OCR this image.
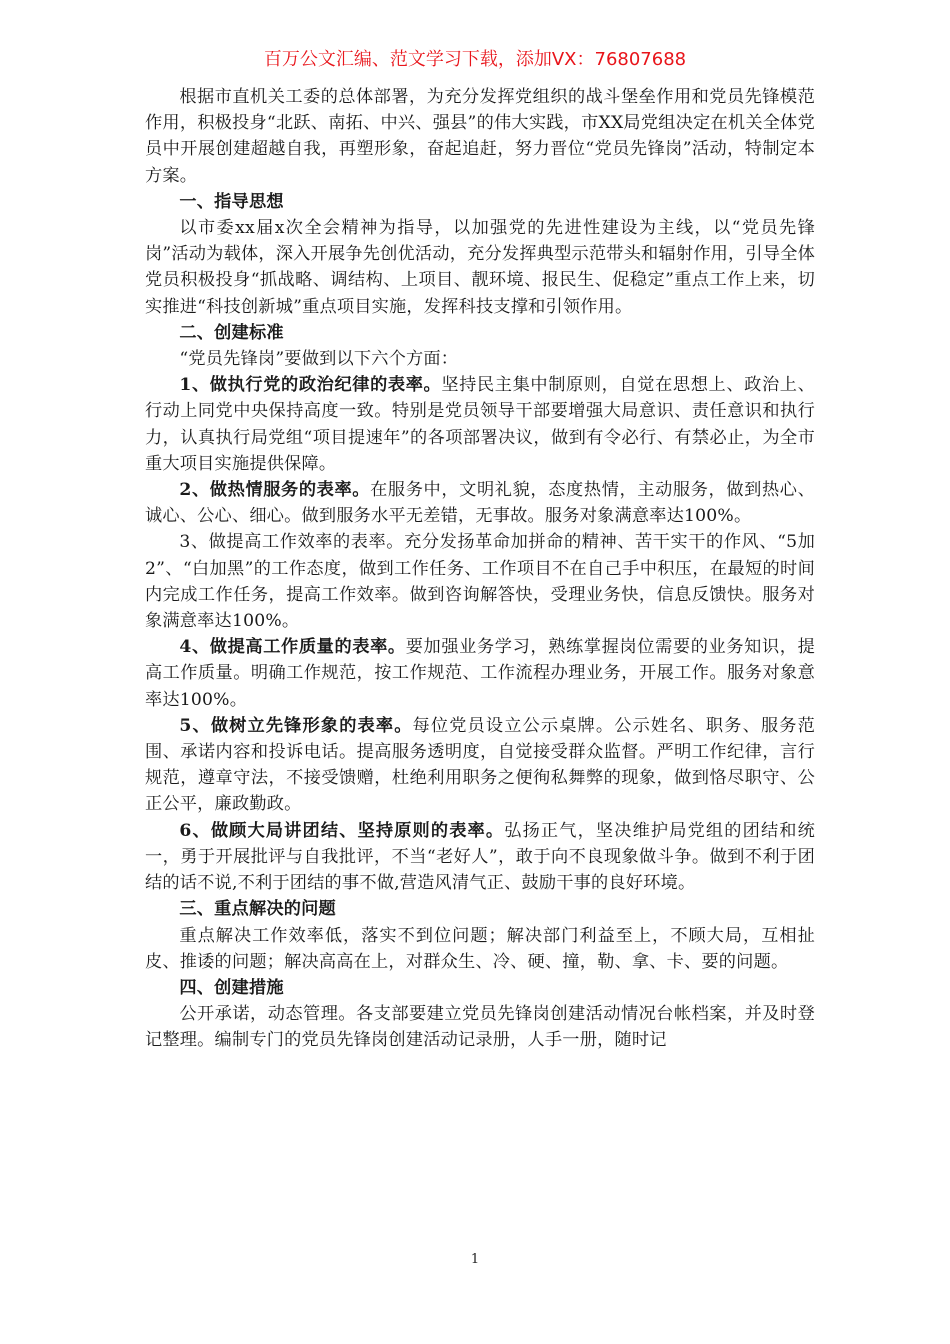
百万公文汇编、范文学习下载，添加VX：76807688

根据市直机关工委的总体部署，为充分发挥党组织的战斗堡垒作用和党员先锋模范作用，积极投身“北跃、南拓、中兴、强县”的伟大实践，市XX局党组决定在机关全体党员中开展创建超越自我，再塑形象，奋起追赶，努力晋位“党员先锋岗”活动，特制定本方案。

一、指导思想

以市委xx届x次全会精神为指导，以加强党的先进性建设为主线，以“党员先锋岗”活动为载体，深入开展争先创优活动，充分发挥典型示范带头和辐射作用，引导全体党员积极投身“抓战略、调结构、上项目、靓环境、报民生、促稳定”重点工作上来，切实推进“科技创新城”重点项目实施，发挥科技支撑和引领作用。

二、创建标准

“党员先锋岗”要做到以下六个方面：

1、做执行党的政治纪律的表率。坚持民主集中制原则，自觉在思想上、政治上、行动上同党中央保持高度一致。特别是党员领导干部要增强大局意识、责任意识和执行力，认真执行局党组“项目提速年”的各项部署决议，做到有令必行、有禁必止，为全市重大项目实施提供保障。

2、做热情服务的表率。在服务中，文明礼貌，态度热情，主动服务，做到热心、诚心、公心、细心。做到服务水平无差错，无事故。服务对象满意率达100%。

3、做提高工作效率的表率。充分发扬革命加拼命的精神、苦干实干的作风、“5加2”、“白加黑”的工作态度，做到工作任务、工作项目不在自己手中积压，在最短的时间内完成工作任务，提高工作效率。做到咨询解答快，受理业务快，信息反馈快。服务对象满意率达100%。

4、做提高工作质量的表率。要加强业务学习，熟练掌握岗位需要的业务知识，提高工作质量。明确工作规范，按工作规范、工作流程办理业务，开展工作。服务对象意率达100%。

5、做树立先锋形象的表率。每位党员设立公示桌牌。公示姓名、职务、服务范围、承诺内容和投诉电话。提高服务透明度，自觉接受群众监督。严明工作纪律，言行规范，遵章守法，不接受馈赠，杜绝利用职务之便徇私舞弊的现象，做到恪尽职守、公正公平，廉政勤政。

6、做顾大局讲团结、坚持原则的表率。弘扬正气，坚决维护局党组的团结和统一，勇于开展批评与自我批评，不当“老好人”，敢于向不良现象做斗争。做到不利于团结的话不说,不利于团结的事不做,营造风清气正、鼓励干事的良好环境。

三、重点解决的问题

重点解决工作效率低，落实不到位问题；解决部门利益至上，不顾大局，互相扯皮、推诿的问题；解决高高在上，对群众生、冷、硬、撞，勒、拿、卡、要的问题。

四、创建措施

公开承诺，动态管理。各支部要建立党员先锋岗创建活动情况台帐档案，并及时登记整理。编制专门的党员先锋岗创建活动记录册，人手一册，随时记

1
